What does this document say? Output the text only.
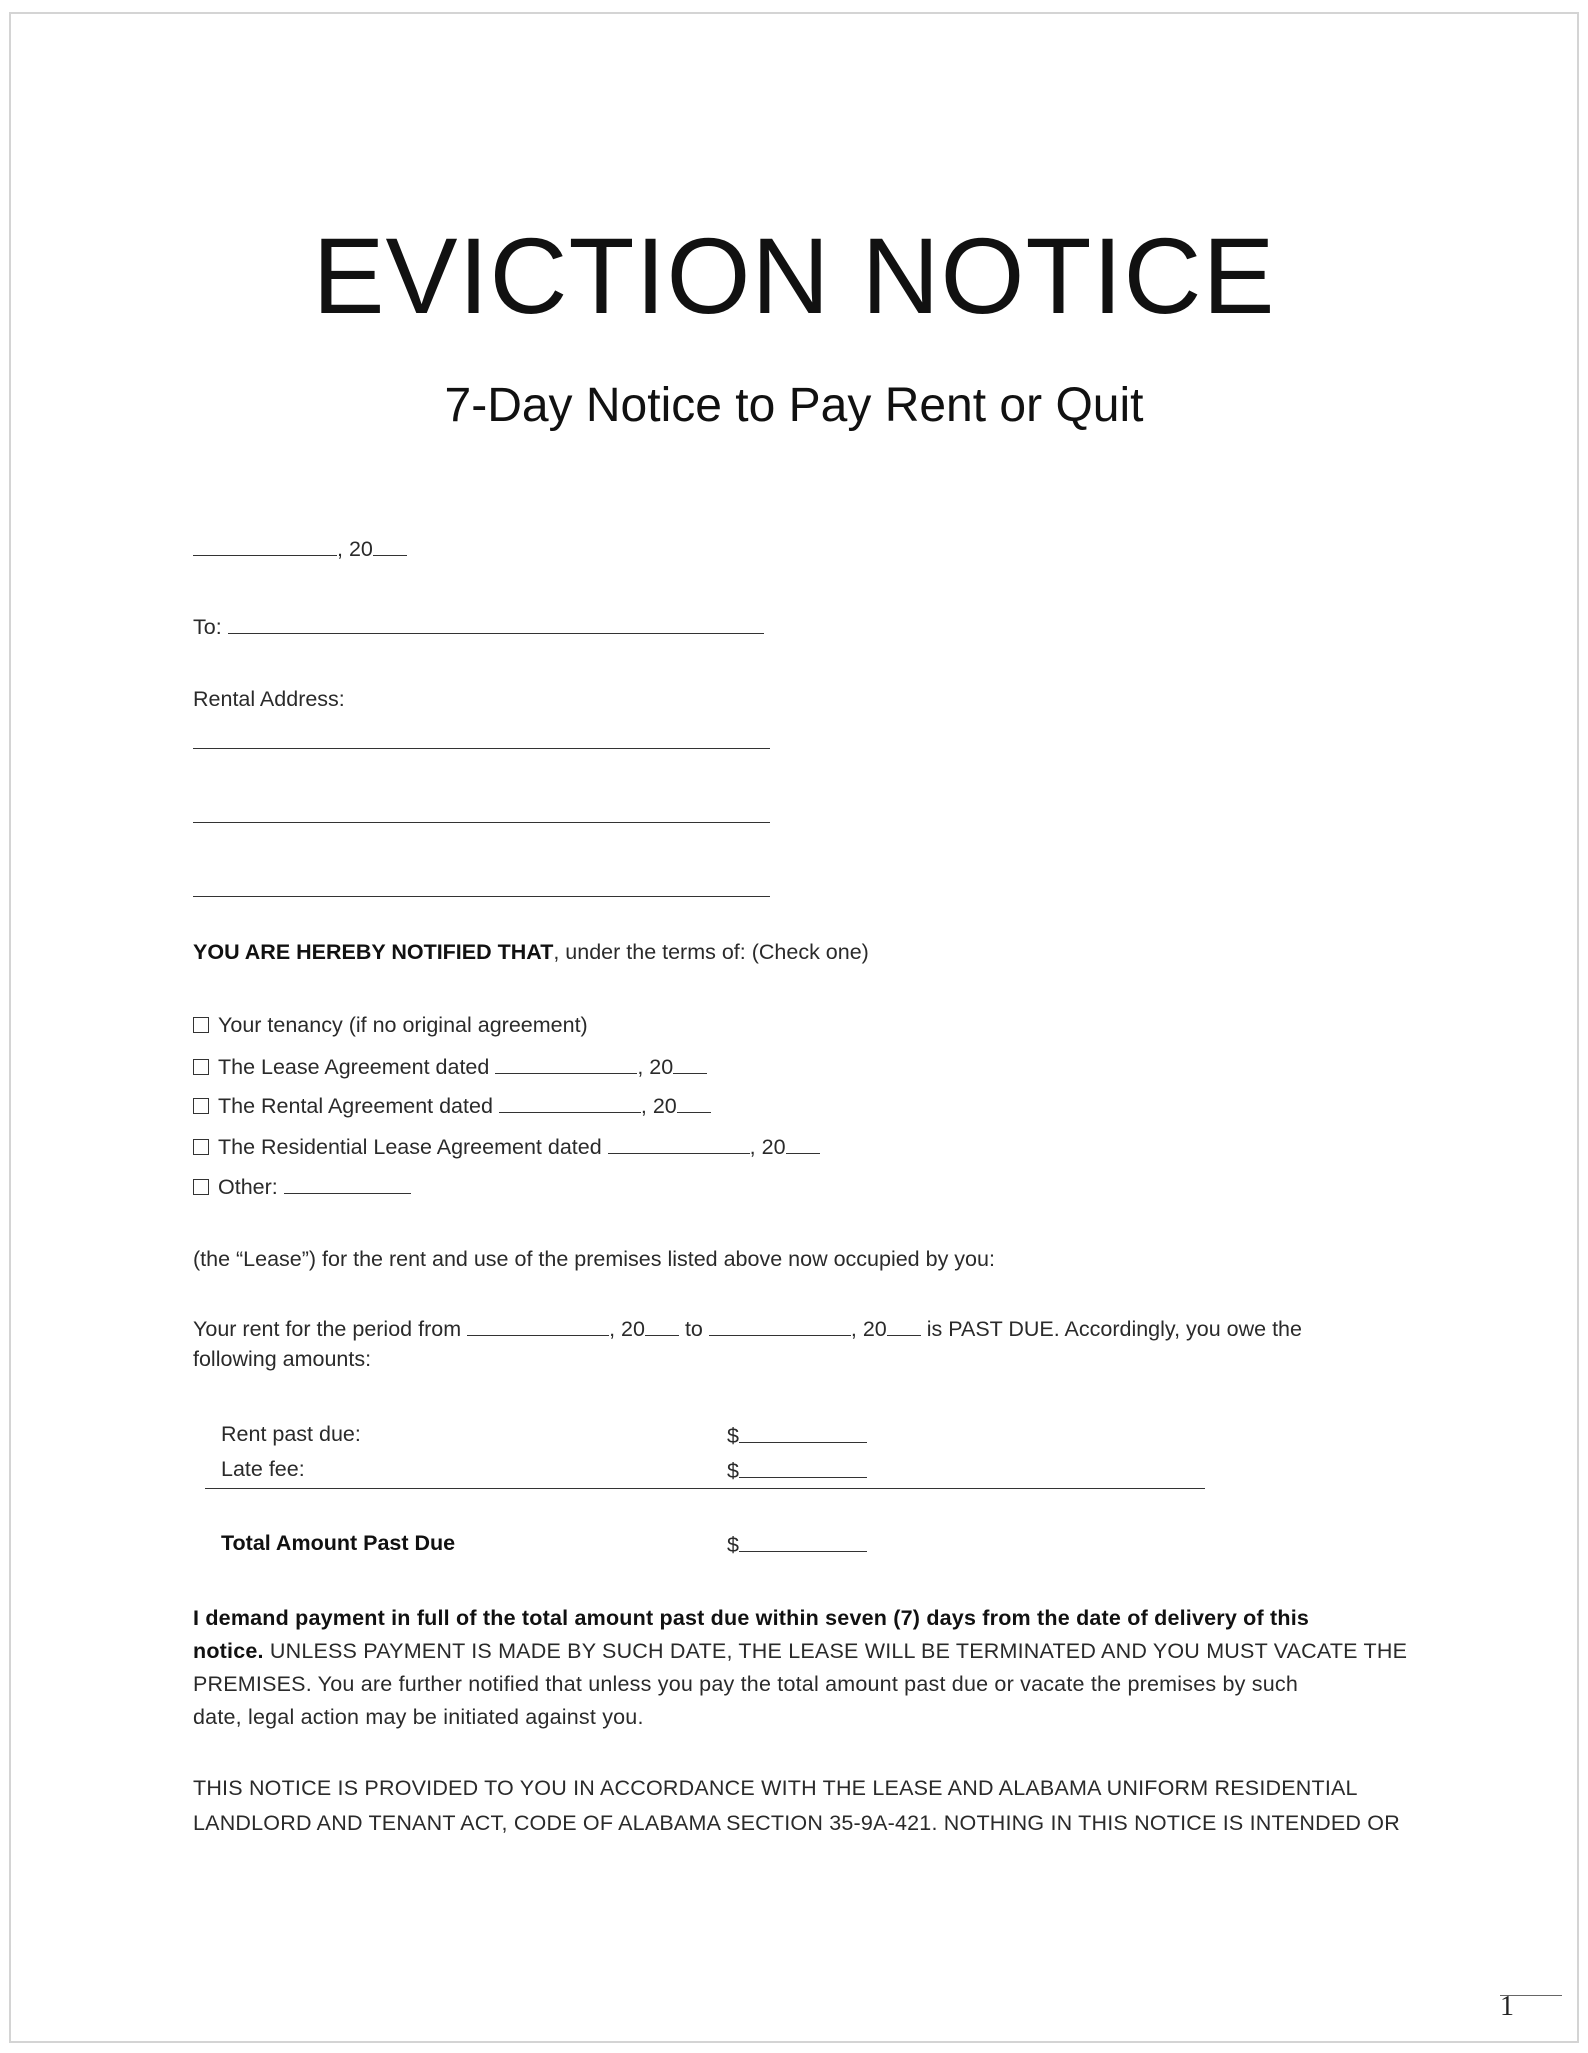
EVICTION NOTICE
7-Day Notice to Pay Rent or Quit
, 20
To:
Rental Address:
YOU ARE HEREBY NOTIFIED THAT, under the terms of: (Check one)
Your tenancy (if no original agreement)
The Lease Agreement dated	, 20
The Rental Agreement dated	, 20
The Residential Lease Agreement dated	, 20
Other:
(the “Lease”) for the rent and use of the premises listed above now occupied by you:
Your rent for the period from	, 20 to	, 20 is PAST DUE. Accordingly, you owe the
following amounts:
Rent past due:	$
Late fee:	$
Total Amount Past Due	$
I demand payment in full of the total amount past due within seven (7) days from the date of delivery of this
notice. UNLESS PAYMENT IS MADE BY SUCH DATE, THE LEASE WILL BE TERMINATED AND YOU MUST VACATE THE
PREMISES. You are further notified that unless you pay the total amount past due or vacate the premises by such
date, legal action may be initiated against you.
THIS NOTICE IS PROVIDED TO YOU IN ACCORDANCE WITH THE LEASE AND ALABAMA UNIFORM RESIDENTIAL
LANDLORD AND TENANT ACT, CODE OF ALABAMA SECTION 35-9A-421. NOTHING IN THIS NOTICE IS INTENDED OR
1
